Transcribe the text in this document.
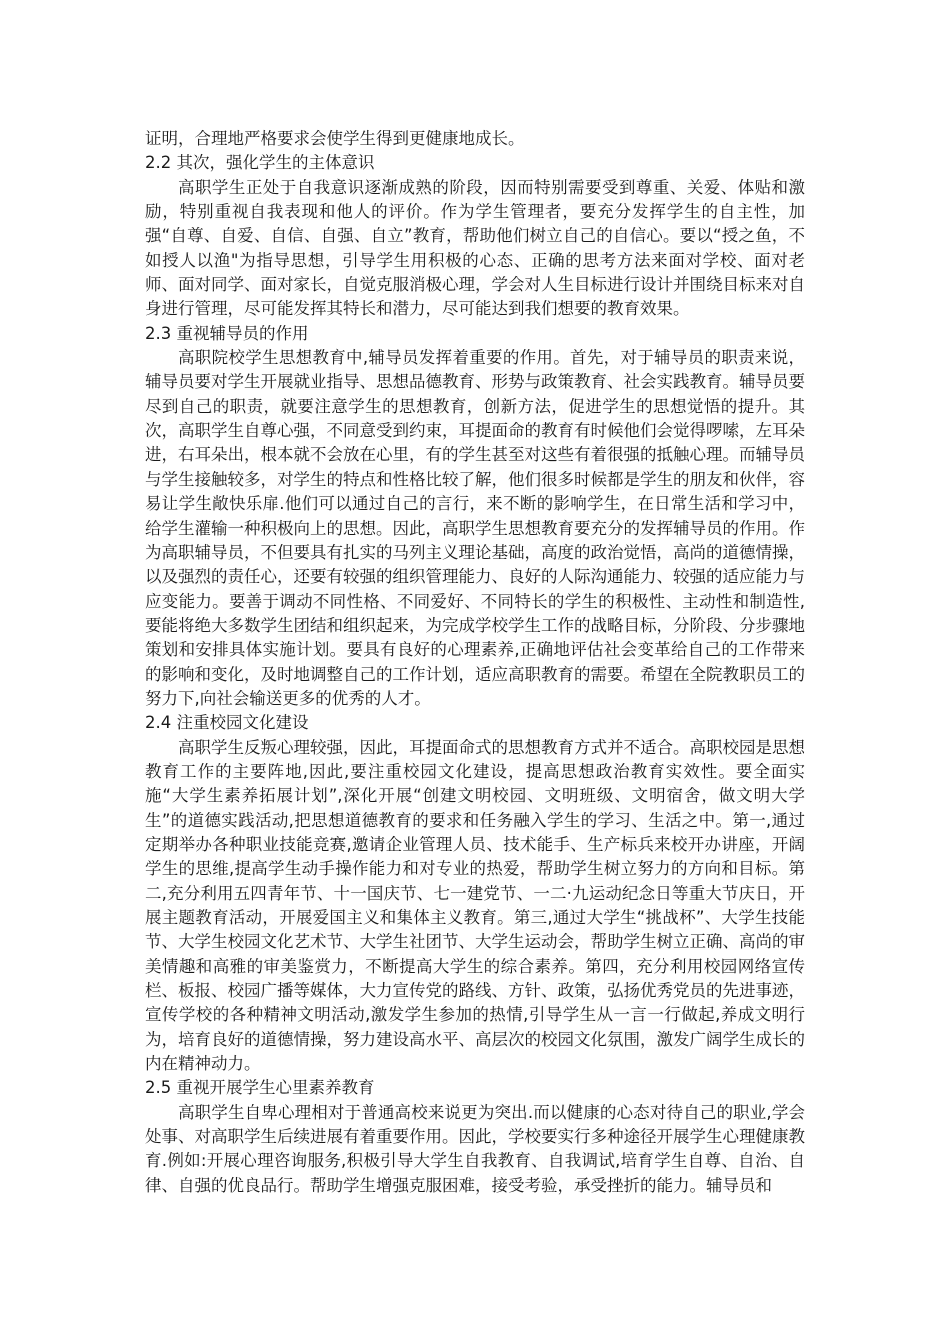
证明，合理地严格要求会使学生得到更健康地成长。

2.2 其次，强化学生的主体意识

高职学生正处于自我意识逐渐成熟的阶段，因而特别需要受到尊重、关爱、体贴和激励，特别重视自我表现和他人的评价。作为学生管理者，要充分发挥学生的自主性，加强“自尊、自爱、自信、自强、自立”教育，帮助他们树立自己的自信心。要以“授之鱼，不如授人以渔"为指导思想，引导学生用积极的心态、正确的思考方法来面对学校、面对老师、面对同学、面对家长，自觉克服消极心理，学会对人生目标进行设计并围绕目标来对自身进行管理，尽可能发挥其特长和潜力，尽可能达到我们想要的教育效果。

2.3 重视辅导员的作用

高职院校学生思想教育中,辅导员发挥着重要的作用。首先，对于辅导员的职责来说，辅导员要对学生开展就业指导、思想品德教育、形势与政策教育、社会实践教育。辅导员要尽到自己的职责，就要注意学生的思想教育，创新方法，促进学生的思想觉悟的提升。其次，高职学生自尊心强，不同意受到约束，耳提面命的教育有时候他们会觉得啰嗦，左耳朵进，右耳朵出，根本就不会放在心里，有的学生甚至对这些有着很强的抵触心理。而辅导员与学生接触较多，对学生的特点和性格比较了解，他们很多时候都是学生的朋友和伙伴，容易让学生敞快乐扉.他们可以通过自己的言行，来不断的影响学生，在日常生活和学习中，给学生灌输一种积极向上的思想。因此，高职学生思想教育要充分的发挥辅导员的作用。作为高职辅导员，不但要具有扎实的马列主义理论基础，高度的政治觉悟，高尚的道德情操，以及强烈的责任心，还要有较强的组织管理能力、良好的人际沟通能力、较强的适应能力与应变能力。要善于调动不同性格、不同爱好、不同特长的学生的积极性、主动性和制造性,要能将绝大多数学生团结和组织起来，为完成学校学生工作的战略目标，分阶段、分步骤地策划和安排具体实施计划。要具有良好的心理素养,正确地评估社会变革给自己的工作带来的影响和变化，及时地调整自己的工作计划，适应高职教育的需要。希望在全院教职员工的努力下,向社会输送更多的优秀的人才。

2.4 注重校园文化建设

高职学生反叛心理较强，因此，耳提面命式的思想教育方式并不适合。高职校园是思想教育工作的主要阵地,因此,要注重校园文化建设，提高思想政治教育实效性。要全面实施“大学生素养拓展计划”,深化开展“创建文明校园、文明班级、文明宿舍，做文明大学生”的道德实践活动,把思想道德教育的要求和任务融入学生的学习、生活之中。第一,通过定期举办各种职业技能竞赛,邀请企业管理人员、技术能手、生产标兵来校开办讲座，开阔学生的思维,提高学生动手操作能力和对专业的热爱，帮助学生树立努力的方向和目标。第二,充分利用五四青年节、十一国庆节、七一建党节、一二·九运动纪念日等重大节庆日，开展主题教育活动，开展爱国主义和集体主义教育。第三,通过大学生“挑战杯”、大学生技能节、大学生校园文化艺术节、大学生社团节、大学生运动会，帮助学生树立正确、高尚的审美情趣和高雅的审美鉴赏力，不断提高大学生的综合素养。第四，充分利用校园网络宣传栏、板报、校园广播等媒体，大力宣传党的路线、方针、政策，弘扬优秀党员的先进事迹，宣传学校的各种精神文明活动,激发学生参加的热情,引导学生从一言一行做起,养成文明行为，培育良好的道德情操，努力建设高水平、高层次的校园文化氛围，激发广阔学生成长的内在精神动力。

2.5 重视开展学生心里素养教育

高职学生自卑心理相对于普通高校来说更为突出.而以健康的心态对待自己的职业,学会处事、对高职学生后续进展有着重要作用。因此，学校要实行多种途径开展学生心理健康教育.例如:开展心理咨询服务,积极引导大学生自我教育、自我调试,培育学生自尊、自治、自律、自强的优良品行。帮助学生增强克服困难，接受考验，承受挫折的能力。辅导员和
